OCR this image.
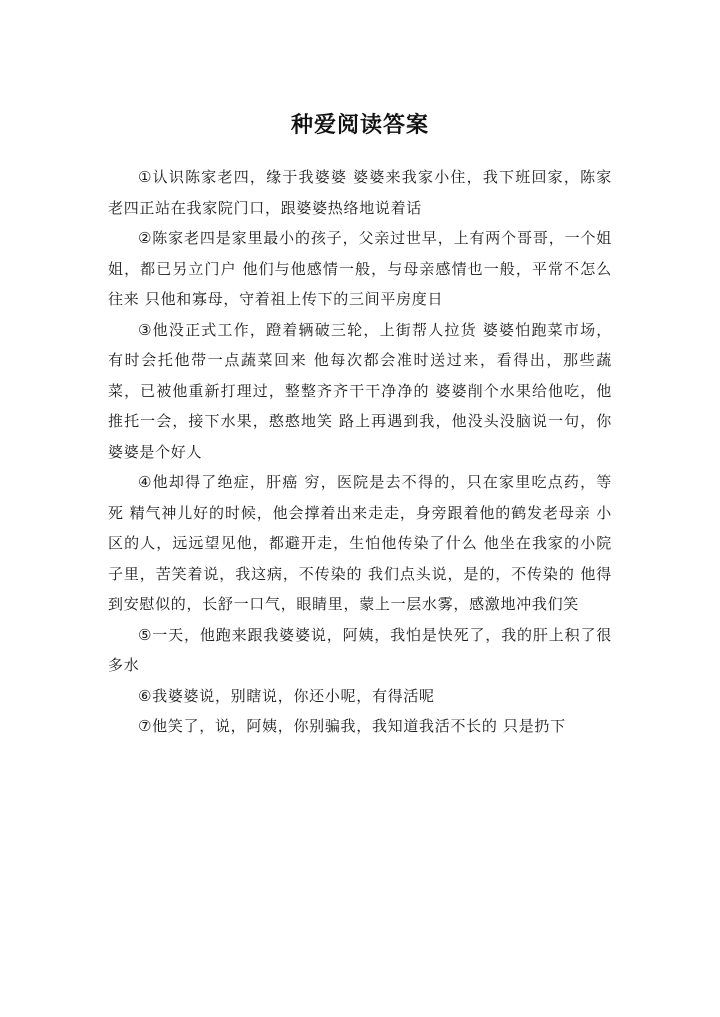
种爱阅读答案

①认识陈家老四，缘于我婆婆 婆婆来我家小住，我下班回家，陈家老四正站在我家院门口，跟婆婆热络地说着话

②陈家老四是家里最小的孩子，父亲过世早，上有两个哥哥，一个姐姐，都已另立门户 他们与他感情一般，与母亲感情也一般，平常不怎么往来 只他和寡母，守着祖上传下的三间平房度日

③他没正式工作，蹬着辆破三轮，上街帮人拉货 婆婆怕跑菜市场，有时会托他带一点蔬菜回来 他每次都会准时送过来，看得出，那些蔬菜，已被他重新打理过，整整齐齐干干净净的 婆婆削个水果给他吃，他推托一会，接下水果，憨憨地笑 路上再遇到我，他没头没脑说一句，你婆婆是个好人

④他却得了绝症，肝癌 穷，医院是去不得的，只在家里吃点药，等死 精气神儿好的时候，他会撑着出来走走，身旁跟着他的鹤发老母亲 小区的人，远远望见他，都避开走，生怕他传染了什么 他坐在我家的小院子里，苦笑着说，我这病，不传染的 我们点头说，是的，不传染的 他得到安慰似的，长舒一口气，眼睛里，蒙上一层水雾，感激地冲我们笑

⑤一天，他跑来跟我婆婆说，阿姨，我怕是快死了，我的肝上积了很多水

⑥我婆婆说，别瞎说，你还小呢，有得活呢

⑦他笑了，说，阿姨，你别骗我，我知道我活不长的 只是扔下
